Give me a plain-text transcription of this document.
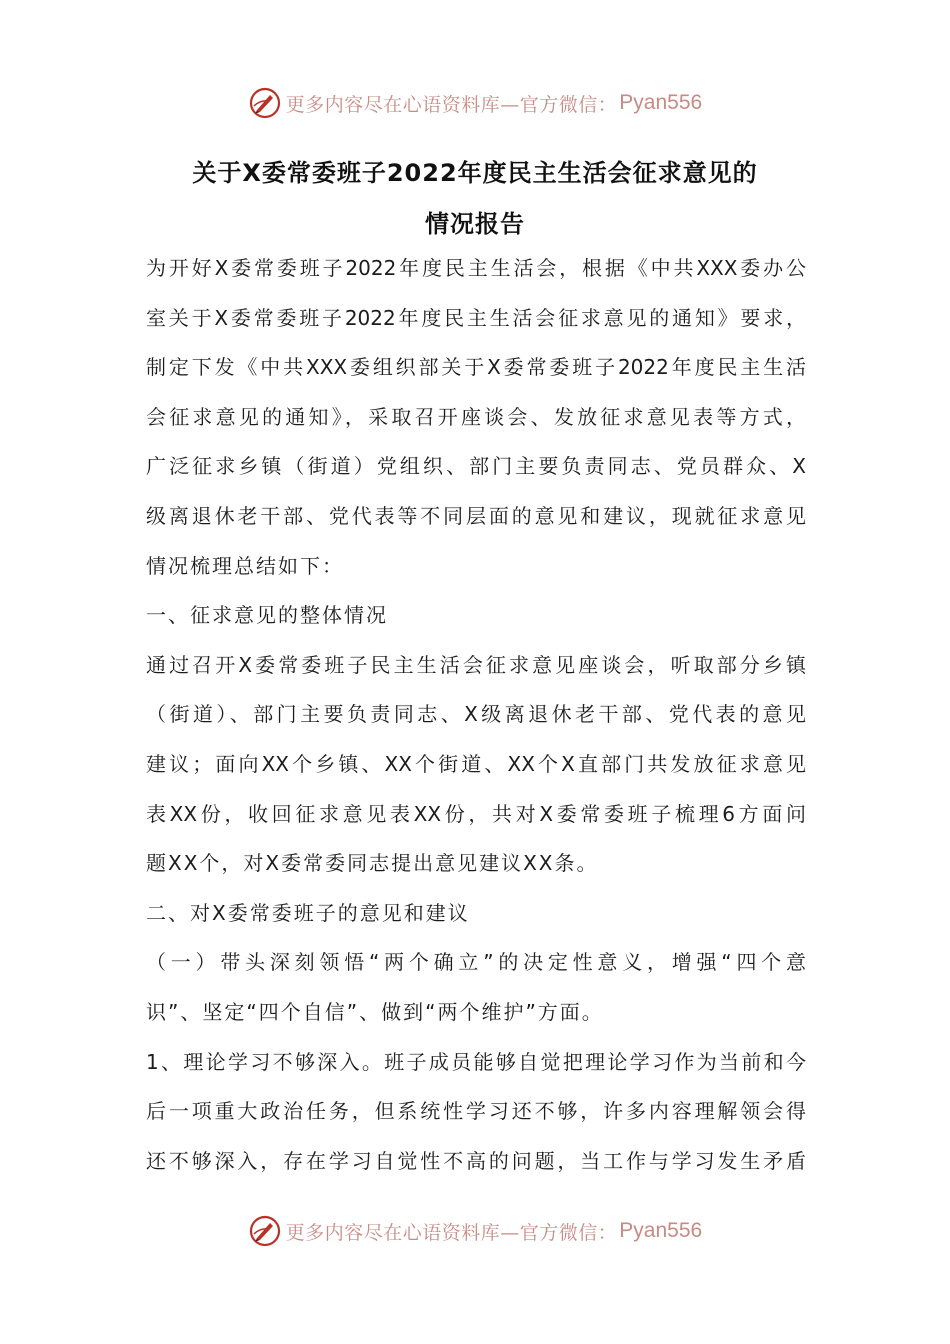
更多内容尽在心语资料库—官方微信： Pyan556
关于X委常委班子2022年度民主生活会征求意见的
情况报告
为开好X委常委班子2022年度民主生活会，根据《中共XXX委办公
室关于X委常委班子2022年度民主生活会征求意见的通知》要求，
制定下发《中共XXX委组织部关于X委常委班子2022年度民主生活
会征求意见的通知》，采取召开座谈会、发放征求意见表等方式，
广泛征求乡镇（街道）党组织、部门主要负责同志、党员群众、X
级离退休老干部、党代表等不同层面的意见和建议，现就征求意见
情况梳理总结如下：
一、征求意见的整体情况
通过召开X委常委班子民主生活会征求意见座谈会，听取部分乡镇
（街道）、部门主要负责同志、X级离退休老干部、党代表的意见
建议；面向XX个乡镇、XX个街道、XX个X直部门共发放征求意见
表XX份，收回征求意见表XX份，共对X委常委班子梳理6方面问
题XX个，对X委常委同志提出意见建议XX条。
二、对X委常委班子的意见和建议
（一）带头深刻领悟“两个确立”的决定性意义，增强“四个意
识”、坚定“四个自信”、做到“两个维护”方面。
1、理论学习不够深入。班子成员能够自觉把理论学习作为当前和今
后一项重大政治任务，但系统性学习还不够，许多内容理解领会得
还不够深入，存在学习自觉性不高的问题，当工作与学习发生矛盾
更多内容尽在心语资料库—官方微信： Pyan556
